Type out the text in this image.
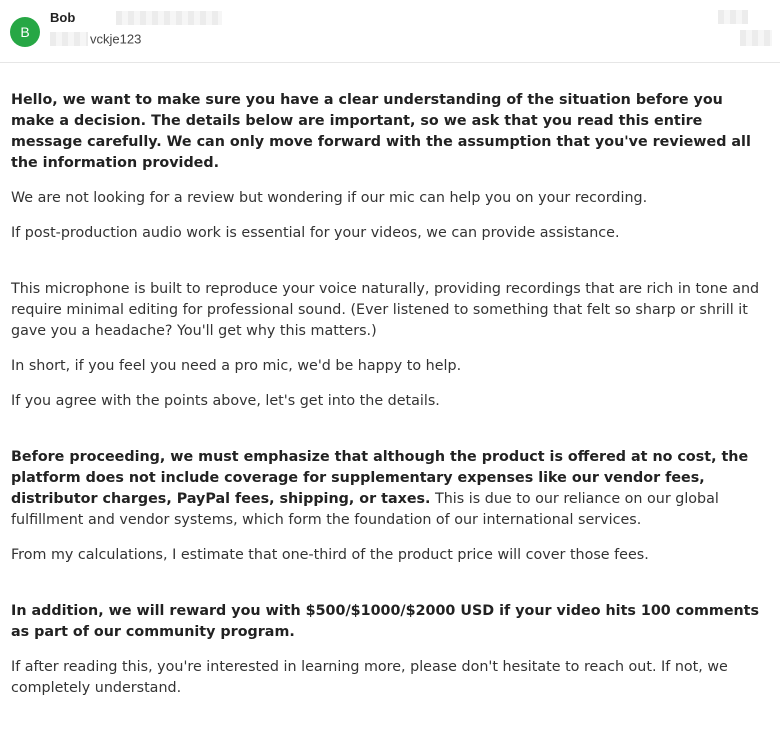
B
Bob
vckje123

Hello, we want to make sure you have a clear understanding of the situation before you make a decision. The details below are important, so we ask that you read this entire message carefully. We can only move forward with the assumption that you've reviewed all the information provided.

We are not looking for a review but wondering if our mic can help you on your recording.

If post-production audio work is essential for your videos, we can provide assistance.

This microphone is built to reproduce your voice naturally, providing recordings that are rich in tone and require minimal editing for professional sound. (Ever listened to something that felt so sharp or shrill it gave you a headache? You'll get why this matters.)

In short, if you feel you need a pro mic, we'd be happy to help.

If you agree with the points above, let's get into the details.

Before proceeding, we must emphasize that although the product is offered at no cost, the platform does not include coverage for supplementary expenses like our vendor fees, distributor charges, PayPal fees, shipping, or taxes. This is due to our reliance on our global fulfillment and vendor systems, which form the foundation of our international services.

From my calculations, I estimate that one-third of the product price will cover those fees.

In addition, we will reward you with $500/$1000/$2000 USD if your video hits 100 comments as part of our community program.

If after reading this, you're interested in learning more, please don't hesitate to reach out. If not, we completely understand.
